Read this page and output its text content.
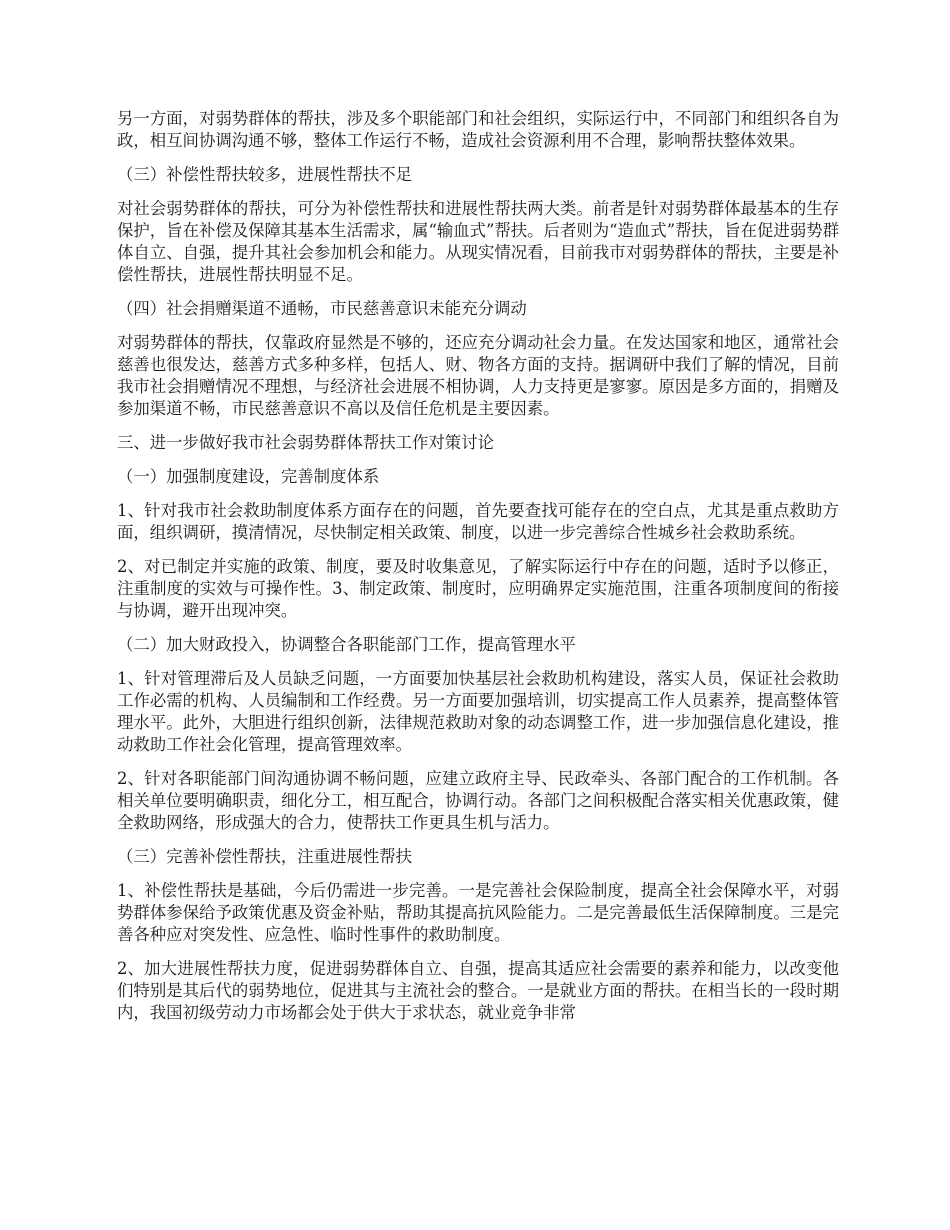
另一方面，对弱势群体的帮扶，涉及多个职能部门和社会组织，实际运行中，不同部门和组织各自为政，相互间协调沟通不够，整体工作运行不畅，造成社会资源利用不合理，影响帮扶整体效果。

（三）补偿性帮扶较多，进展性帮扶不足

对社会弱势群体的帮扶，可分为补偿性帮扶和进展性帮扶两大类。前者是针对弱势群体最基本的生存保护，旨在补偿及保障其基本生活需求，属“输血式”帮扶。后者则为“造血式”帮扶，旨在促进弱势群体自立、自强，提升其社会参加机会和能力。从现实情况看，目前我市对弱势群体的帮扶，主要是补偿性帮扶，进展性帮扶明显不足。

（四）社会捐赠渠道不通畅，市民慈善意识未能充分调动

对弱势群体的帮扶，仅靠政府显然是不够的，还应充分调动社会力量。在发达国家和地区，通常社会慈善也很发达，慈善方式多种多样，包括人、财、物各方面的支持。据调研中我们了解的情况，目前我市社会捐赠情况不理想，与经济社会进展不相协调，人力支持更是寥寥。原因是多方面的，捐赠及参加渠道不畅，市民慈善意识不高以及信任危机是主要因素。

三、进一步做好我市社会弱势群体帮扶工作对策讨论

（一）加强制度建设，完善制度体系

1、针对我市社会救助制度体系方面存在的问题，首先要查找可能存在的空白点，尤其是重点救助方面，组织调研，摸清情况，尽快制定相关政策、制度，以进一步完善综合性城乡社会救助系统。

2、对已制定并实施的政策、制度，要及时收集意见，了解实际运行中存在的问题，适时予以修正，注重制度的实效与可操作性。3、制定政策、制度时，应明确界定实施范围，注重各项制度间的衔接与协调，避开出现冲突。

（二）加大财政投入，协调整合各职能部门工作，提高管理水平

1、针对管理滞后及人员缺乏问题，一方面要加快基层社会救助机构建设，落实人员，保证社会救助工作必需的机构、人员编制和工作经费。另一方面要加强培训，切实提高工作人员素养，提高整体管理水平。此外，大胆进行组织创新，法律规范救助对象的动态调整工作，进一步加强信息化建设，推动救助工作社会化管理，提高管理效率。

2、针对各职能部门间沟通协调不畅问题，应建立政府主导、民政牵头、各部门配合的工作机制。各相关单位要明确职责，细化分工，相互配合，协调行动。各部门之间积极配合落实相关优惠政策，健全救助网络，形成强大的合力，使帮扶工作更具生机与活力。

（三）完善补偿性帮扶，注重进展性帮扶

1、补偿性帮扶是基础，今后仍需进一步完善。一是完善社会保险制度，提高全社会保障水平，对弱势群体参保给予政策优惠及资金补贴，帮助其提高抗风险能力。二是完善最低生活保障制度。三是完善各种应对突发性、应急性、临时性事件的救助制度。

2、加大进展性帮扶力度，促进弱势群体自立、自强，提高其适应社会需要的素养和能力，以改变他们特别是其后代的弱势地位，促进其与主流社会的整合。一是就业方面的帮扶。在相当长的一段时期内，我国初级劳动力市场都会处于供大于求状态，就业竞争非常
